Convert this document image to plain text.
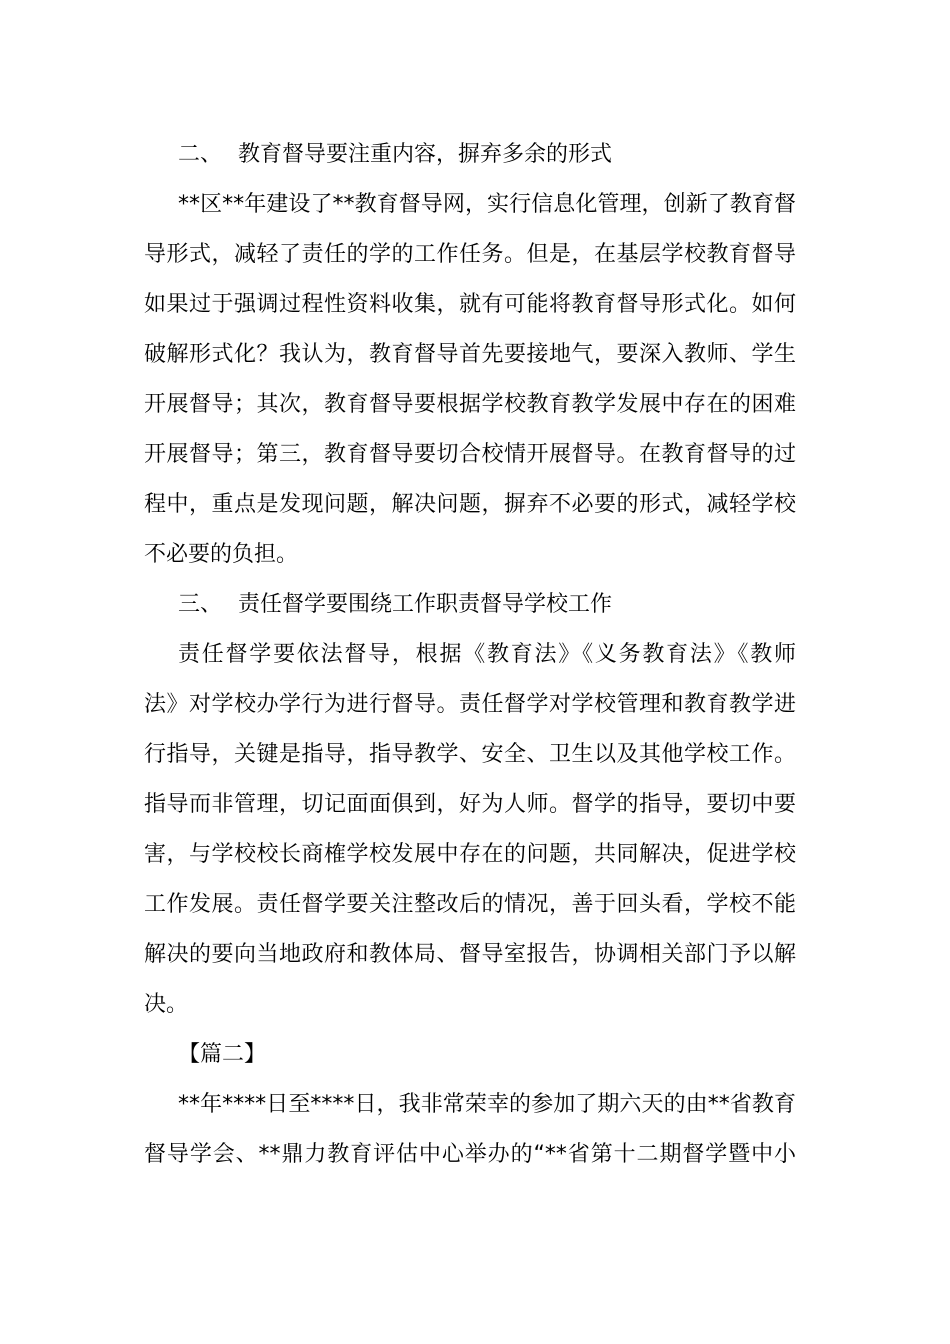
二、 教育督导要注重内容，摒弃多余的形式
**区**年建设了**教育督导网，实行信息化管理，创新了教育督
导形式，减轻了责任的学的工作任务。但是，在基层学校教育督导
如果过于强调过程性资料收集，就有可能将教育督导形式化。如何
破解形式化？我认为，教育督导首先要接地气，要深入教师、学生
开展督导；其次，教育督导要根据学校教育教学发展中存在的困难
开展督导；第三，教育督导要切合校情开展督导。在教育督导的过
程中，重点是发现问题，解决问题，摒弃不必要的形式，减轻学校
不必要的负担。
三、 责任督学要围绕工作职责督导学校工作
责任督学要依法督导，根据《教育法》《义务教育法》《教师
法》对学校办学行为进行督导。责任督学对学校管理和教育教学进
行指导，关键是指导，指导教学、安全、卫生以及其他学校工作。
指导而非管理，切记面面俱到，好为人师。督学的指导，要切中要
害，与学校校长商榷学校发展中存在的问题，共同解决，促进学校
工作发展。责任督学要关注整改后的情况，善于回头看，学校不能
解决的要向当地政府和教体局、督导室报告，协调相关部门予以解
决。
【篇二】
**年****日至****日，我非常荣幸的参加了期六天的由**省教育
督导学会、**鼎力教育评估中心举办的“**省第十二期督学暨中小
